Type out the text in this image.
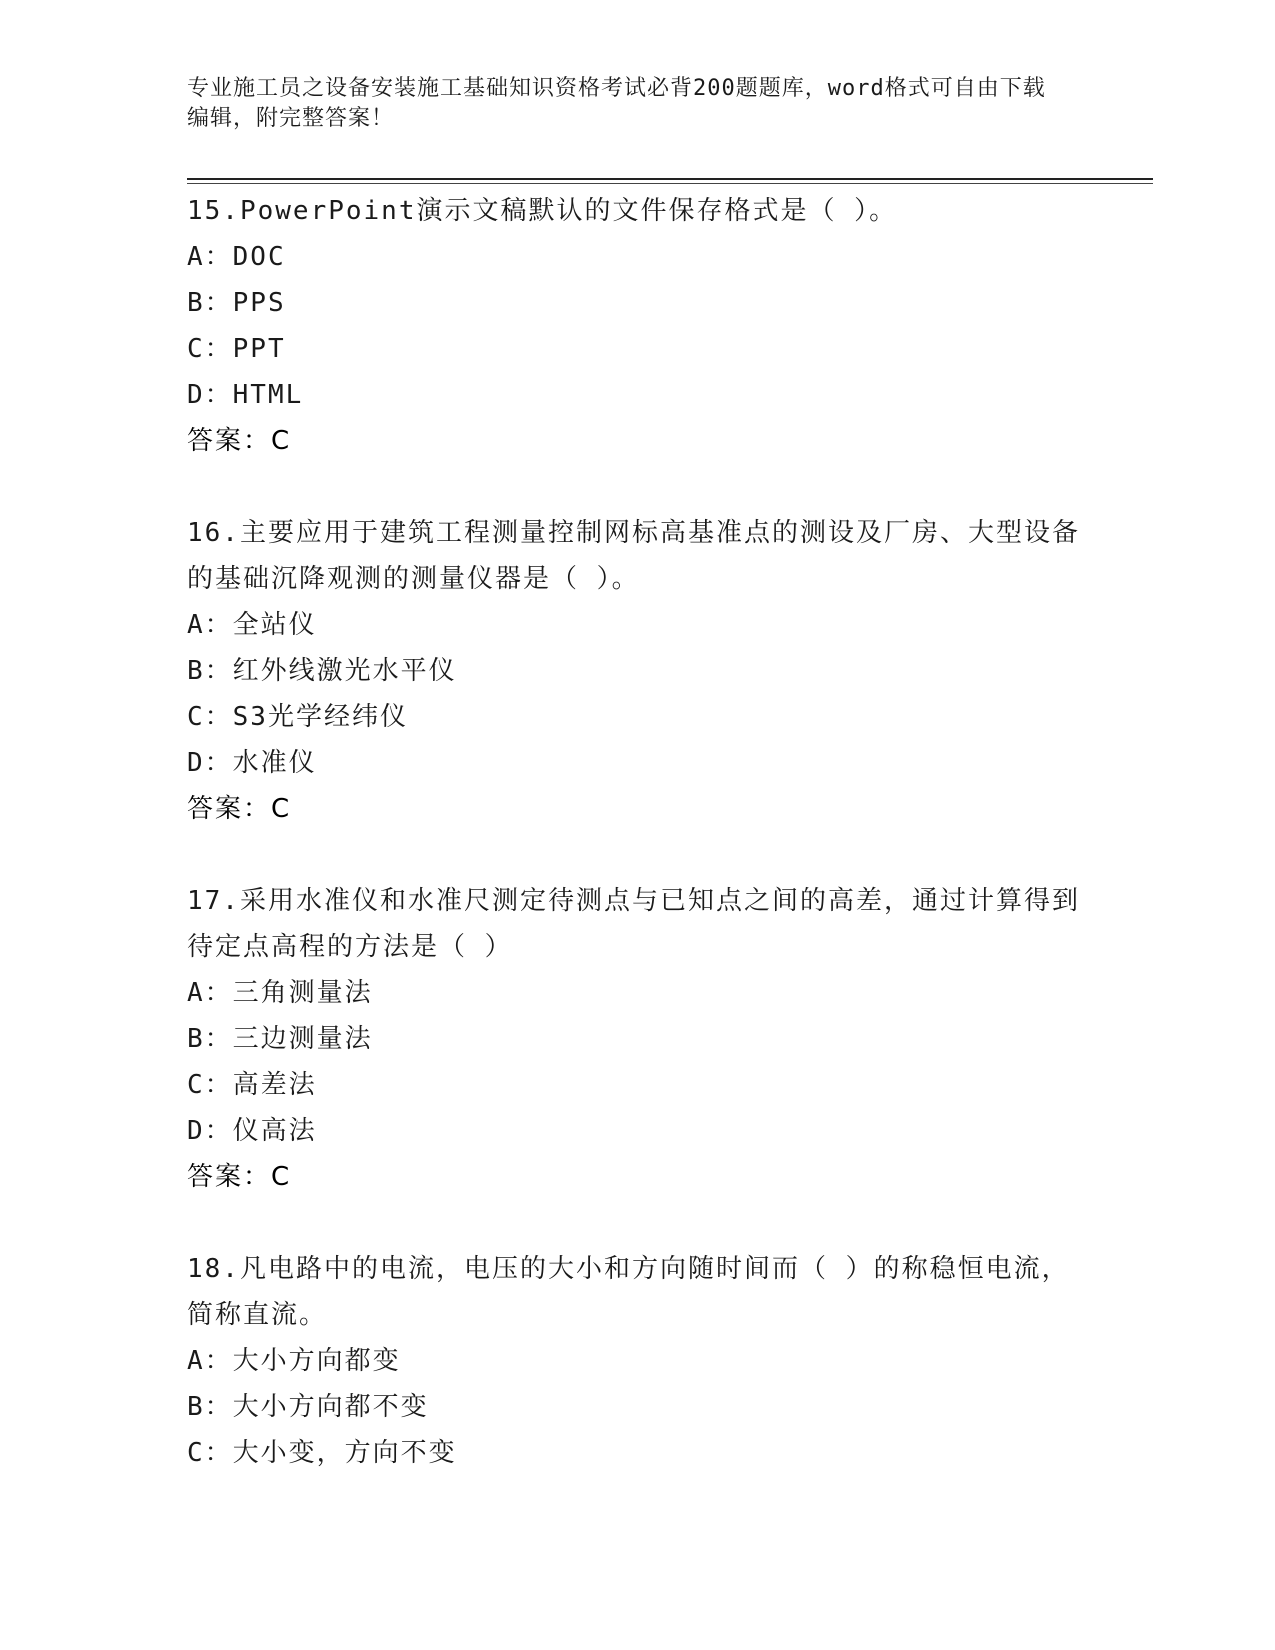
专业施工员之设备安装施工基础知识资格考试必背200题题库，word格式可自由下载编辑，附完整答案！

15.PowerPoint演示文稿默认的文件保存格式是（ ）。

A：DOC
B：PPS
C：PPT
D：HTML
答案：C

16.主要应用于建筑工程测量控制网标高基准点的测设及厂房、大型设备的基础沉降观测的测量仪器是（ ）。

A：全站仪
B：红外线激光水平仪
C：S3光学经纬仪
D：水准仪
答案：C

17.采用水准仪和水准尺测定待测点与已知点之间的高差，通过计算得到待定点高程的方法是（ ）

A：三角测量法
B：三边测量法
C：高差法
D：仪高法
答案：C

18.凡电路中的电流，电压的大小和方向随时间而（ ）的称稳恒电流，简称直流。

A：大小方向都变
B：大小方向都不变
C：大小变，方向不变
